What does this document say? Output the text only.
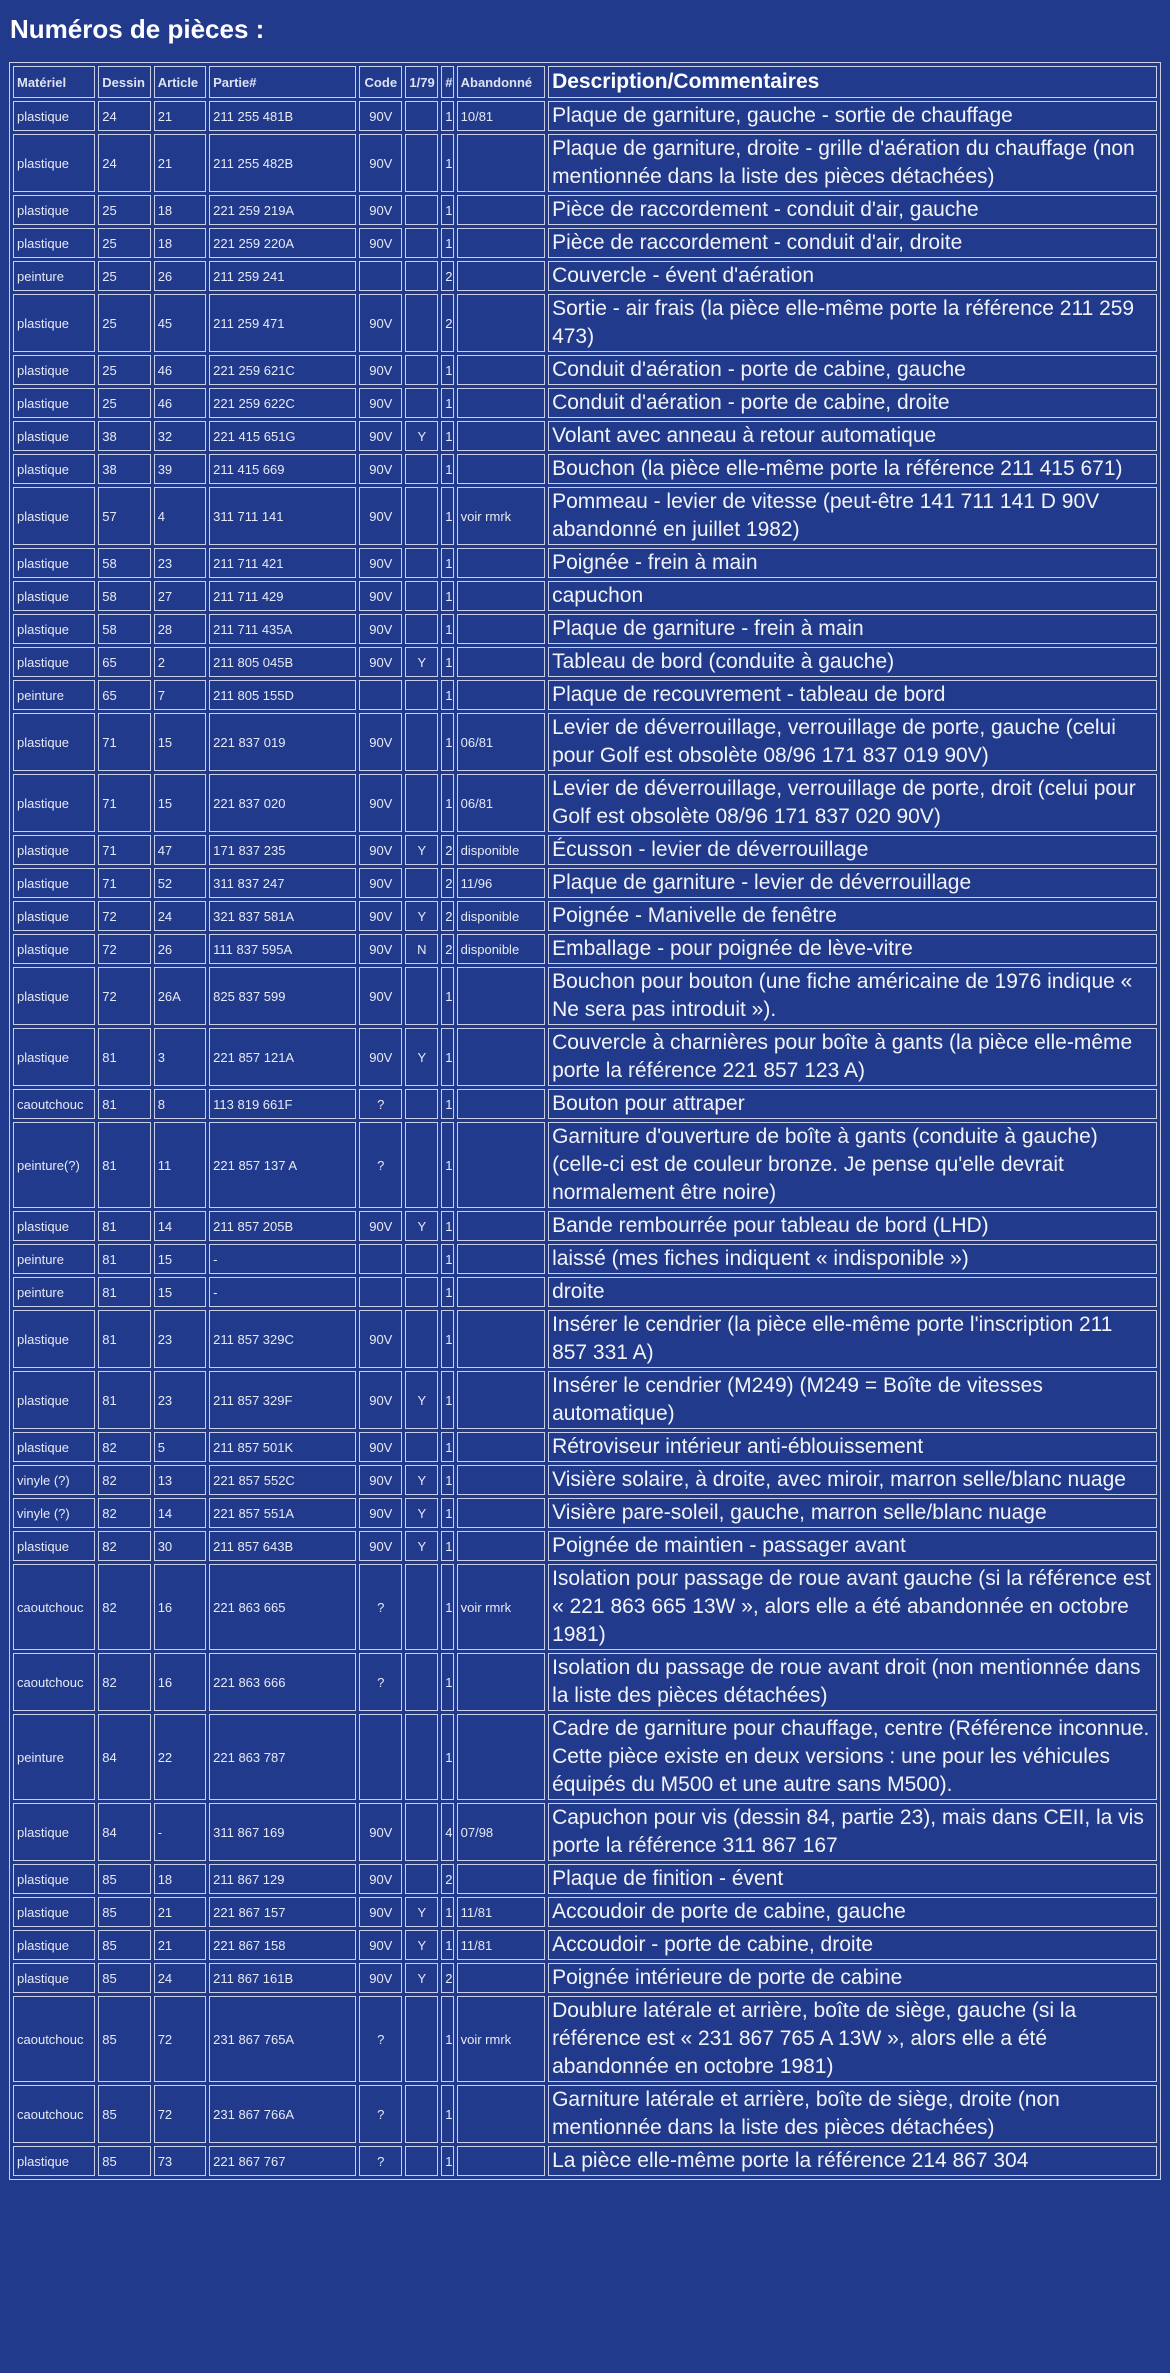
Numéros de pièces :
Matériel	Dessin	Article	Partie#	Code	1/79	#	Abandonné	Description/Commentaires
plastique	24	21	211 255 481B	90V		1	10/81	Plaque de garniture, gauche - sortie de chauffage
plastique	24	21	211 255 482B	90V		1		Plaque de garniture, droite - grille d'aération du chauffage (non mentionnée dans la liste des pièces détachées)
plastique	25	18	221 259 219A	90V		1		Pièce de raccordement - conduit d'air, gauche
plastique	25	18	221 259 220A	90V		1		Pièce de raccordement - conduit d'air, droite
peinture	25	26	211 259 241			2		Couvercle - évent d'aération
plastique	25	45	211 259 471	90V		2		Sortie - air frais (la pièce elle-même porte la référence 211 259 473)
plastique	25	46	221 259 621C	90V		1		Conduit d'aération - porte de cabine, gauche
plastique	25	46	221 259 622C	90V		1		Conduit d'aération - porte de cabine, droite
plastique	38	32	221 415 651G	90V	Y	1		Volant avec anneau à retour automatique
plastique	38	39	211 415 669	90V		1		Bouchon (la pièce elle-même porte la référence 211 415 671)
plastique	57	4	311 711 141	90V		1	voir rmrk	Pommeau - levier de vitesse (peut-être 141 711 141 D 90V abandonné en juillet 1982)
plastique	58	23	211 711 421	90V		1		Poignée - frein à main
plastique	58	27	211 711 429	90V		1		capuchon
plastique	58	28	211 711 435A	90V		1		Plaque de garniture - frein à main
plastique	65	2	211 805 045B	90V	Y	1		Tableau de bord (conduite à gauche)
peinture	65	7	211 805 155D			1		Plaque de recouvrement - tableau de bord
plastique	71	15	221 837 019	90V		1	06/81	Levier de déverrouillage, verrouillage de porte, gauche (celui pour Golf est obsolète 08/96 171 837 019 90V)
plastique	71	15	221 837 020	90V		1	06/81	Levier de déverrouillage, verrouillage de porte, droit (celui pour Golf est obsolète 08/96 171 837 020 90V)
plastique	71	47	171 837 235	90V	Y	2	disponible	Écusson - levier de déverrouillage
plastique	71	52	311 837 247	90V		2	11/96	Plaque de garniture - levier de déverrouillage
plastique	72	24	321 837 581A	90V	Y	2	disponible	Poignée - Manivelle de fenêtre
plastique	72	26	111 837 595A	90V	N	2	disponible	Emballage - pour poignée de lève-vitre
plastique	72	26A	825 837 599	90V		1		Bouchon pour bouton (une fiche américaine de 1976 indique « Ne sera pas introduit »).
plastique	81	3	221 857 121A	90V	Y	1		Couvercle à charnières pour boîte à gants (la pièce elle-même porte la référence 221 857 123 A)
caoutchouc	81	8	113 819 661F	?		1		Bouton pour attraper
peinture(?)	81	11	221 857 137 A	?		1		Garniture d'ouverture de boîte à gants (conduite à gauche) (celle-ci est de couleur bronze. Je pense qu'elle devrait normalement être noire)
plastique	81	14	211 857 205B	90V	Y	1		Bande rembourrée pour tableau de bord (LHD)
peinture	81	15	-			1		laissé (mes fiches indiquent « indisponible »)
peinture	81	15	-			1		droite
plastique	81	23	211 857 329C	90V		1		Insérer le cendrier (la pièce elle-même porte l'inscription 211 857 331 A)
plastique	81	23	211 857 329F	90V	Y	1		Insérer le cendrier (M249) (M249 = Boîte de vitesses automatique)
plastique	82	5	211 857 501K	90V		1		Rétroviseur intérieur anti-éblouissement
vinyle (?)	82	13	221 857 552C	90V	Y	1		Visière solaire, à droite, avec miroir, marron selle/blanc nuage
vinyle (?)	82	14	221 857 551A	90V	Y	1		Visière pare-soleil, gauche, marron selle/blanc nuage
plastique	82	30	211 857 643B	90V	Y	1		Poignée de maintien - passager avant
caoutchouc	82	16	221 863 665	?		1	voir rmrk	Isolation pour passage de roue avant gauche (si la référence est « 221 863 665 13W », alors elle a été abandonnée en octobre 1981)
caoutchouc	82	16	221 863 666	?		1		Isolation du passage de roue avant droit (non mentionnée dans la liste des pièces détachées)
peinture	84	22	221 863 787			1		Cadre de garniture pour chauffage, centre (Référence inconnue. Cette pièce existe en deux versions : une pour les véhicules équipés du M500 et une autre sans M500).
plastique	84	-	311 867 169	90V		4	07/98	Capuchon pour vis (dessin 84, partie 23), mais dans CEII, la vis porte la référence 311 867 167
plastique	85	18	211 867 129	90V		2		Plaque de finition - évent
plastique	85	21	221 867 157	90V	Y	1	11/81	Accoudoir de porte de cabine, gauche
plastique	85	21	221 867 158	90V	Y	1	11/81	Accoudoir - porte de cabine, droite
plastique	85	24	211 867 161B	90V	Y	2		Poignée intérieure de porte de cabine
caoutchouc	85	72	231 867 765A	?		1	voir rmrk	Doublure latérale et arrière, boîte de siège, gauche (si la référence est « 231 867 765 A 13W », alors elle a été abandonnée en octobre 1981)
caoutchouc	85	72	231 867 766A	?		1		Garniture latérale et arrière, boîte de siège, droite (non mentionnée dans la liste des pièces détachées)
plastique	85	73	221 867 767	?		1		La pièce elle-même porte la référence 214 867 304
